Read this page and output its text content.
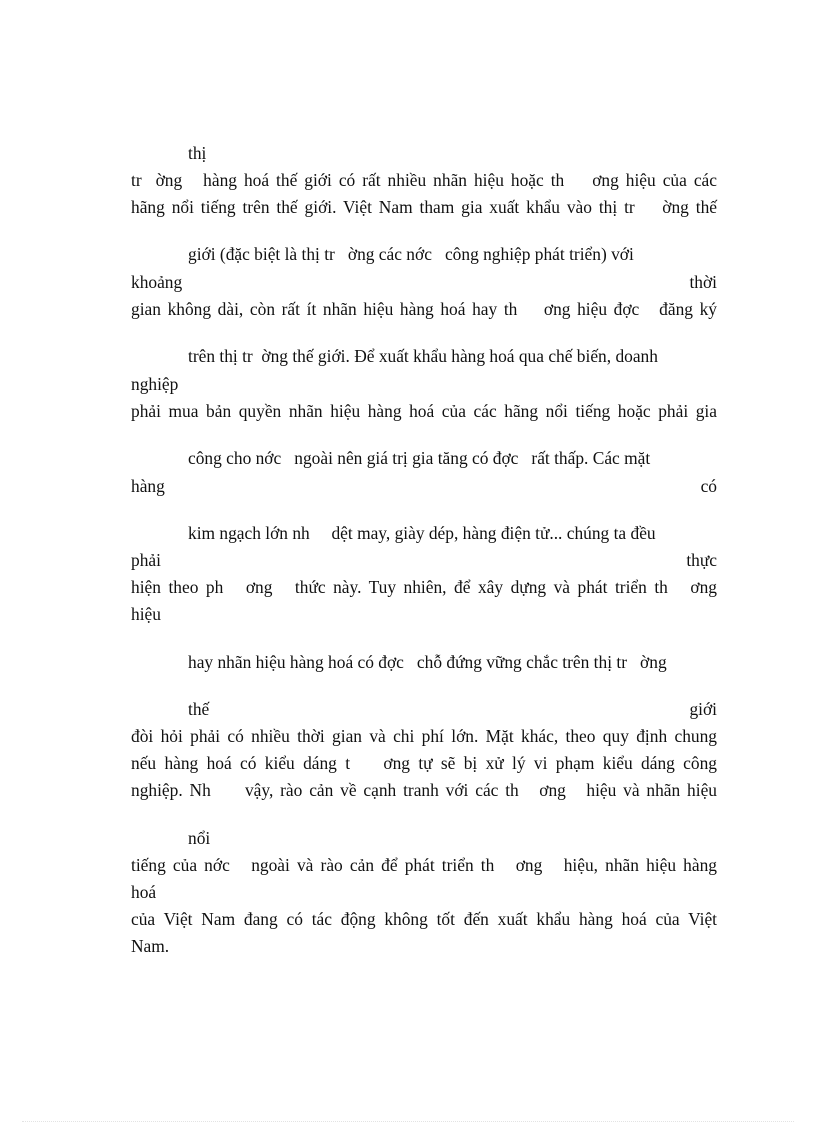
thị

tr  ờng   hàng hoá thế giới có rất nhiều nhãn hiệu hoặc th    ơng hiệu của các

hãng nổi tiếng trên thế giới. Việt Nam tham gia xuất khẩu vào thị tr    ờng thế

giới (đặc biệt là thị tr   ờng các nớc   công nghiệp phát triển) với

khoảng	thời

gian không dài, còn rất ít nhãn hiệu hàng hoá hay th    ơng hiệu đợc   đăng ký

trên thị tr  ờng thế giới. Để xuất khẩu hàng hoá qua chế biến, doanh

nghiệp

phải mua bản quyền nhãn hiệu hàng hoá của các hãng nổi tiếng hoặc phải gia

công cho nớc   ngoài nên giá trị gia tăng có đợc   rất thấp. Các mặt

hàng	có

kim ngạch lớn nh     dệt may, giày dép, hàng điện tử... chúng ta đều

phải	thực

hiện theo ph   ơng   thức này. Tuy nhiên, để xây dựng và phát triển th   ơng

hiệu

hay nhãn hiệu hàng hoá có đợc   chỗ đứng vững chắc trên thị tr   ờng

thế	giới

đòi hỏi phải có nhiều thời gian và chi phí lớn. Mặt khác, theo quy định chung

nếu hàng hoá có kiểu dáng t    ơng tự sẽ bị xử lý vi phạm kiểu dáng công

nghiệp. Nh     vậy, rào cản về cạnh tranh với các th   ơng   hiệu và nhãn hiệu

nổi

tiếng của nớc   ngoài và rào cản để phát triển th   ơng   hiệu, nhãn hiệu hàng

hoá

của Việt Nam đang có tác động không tốt đến xuất khẩu hàng hoá của Việt

Nam.
